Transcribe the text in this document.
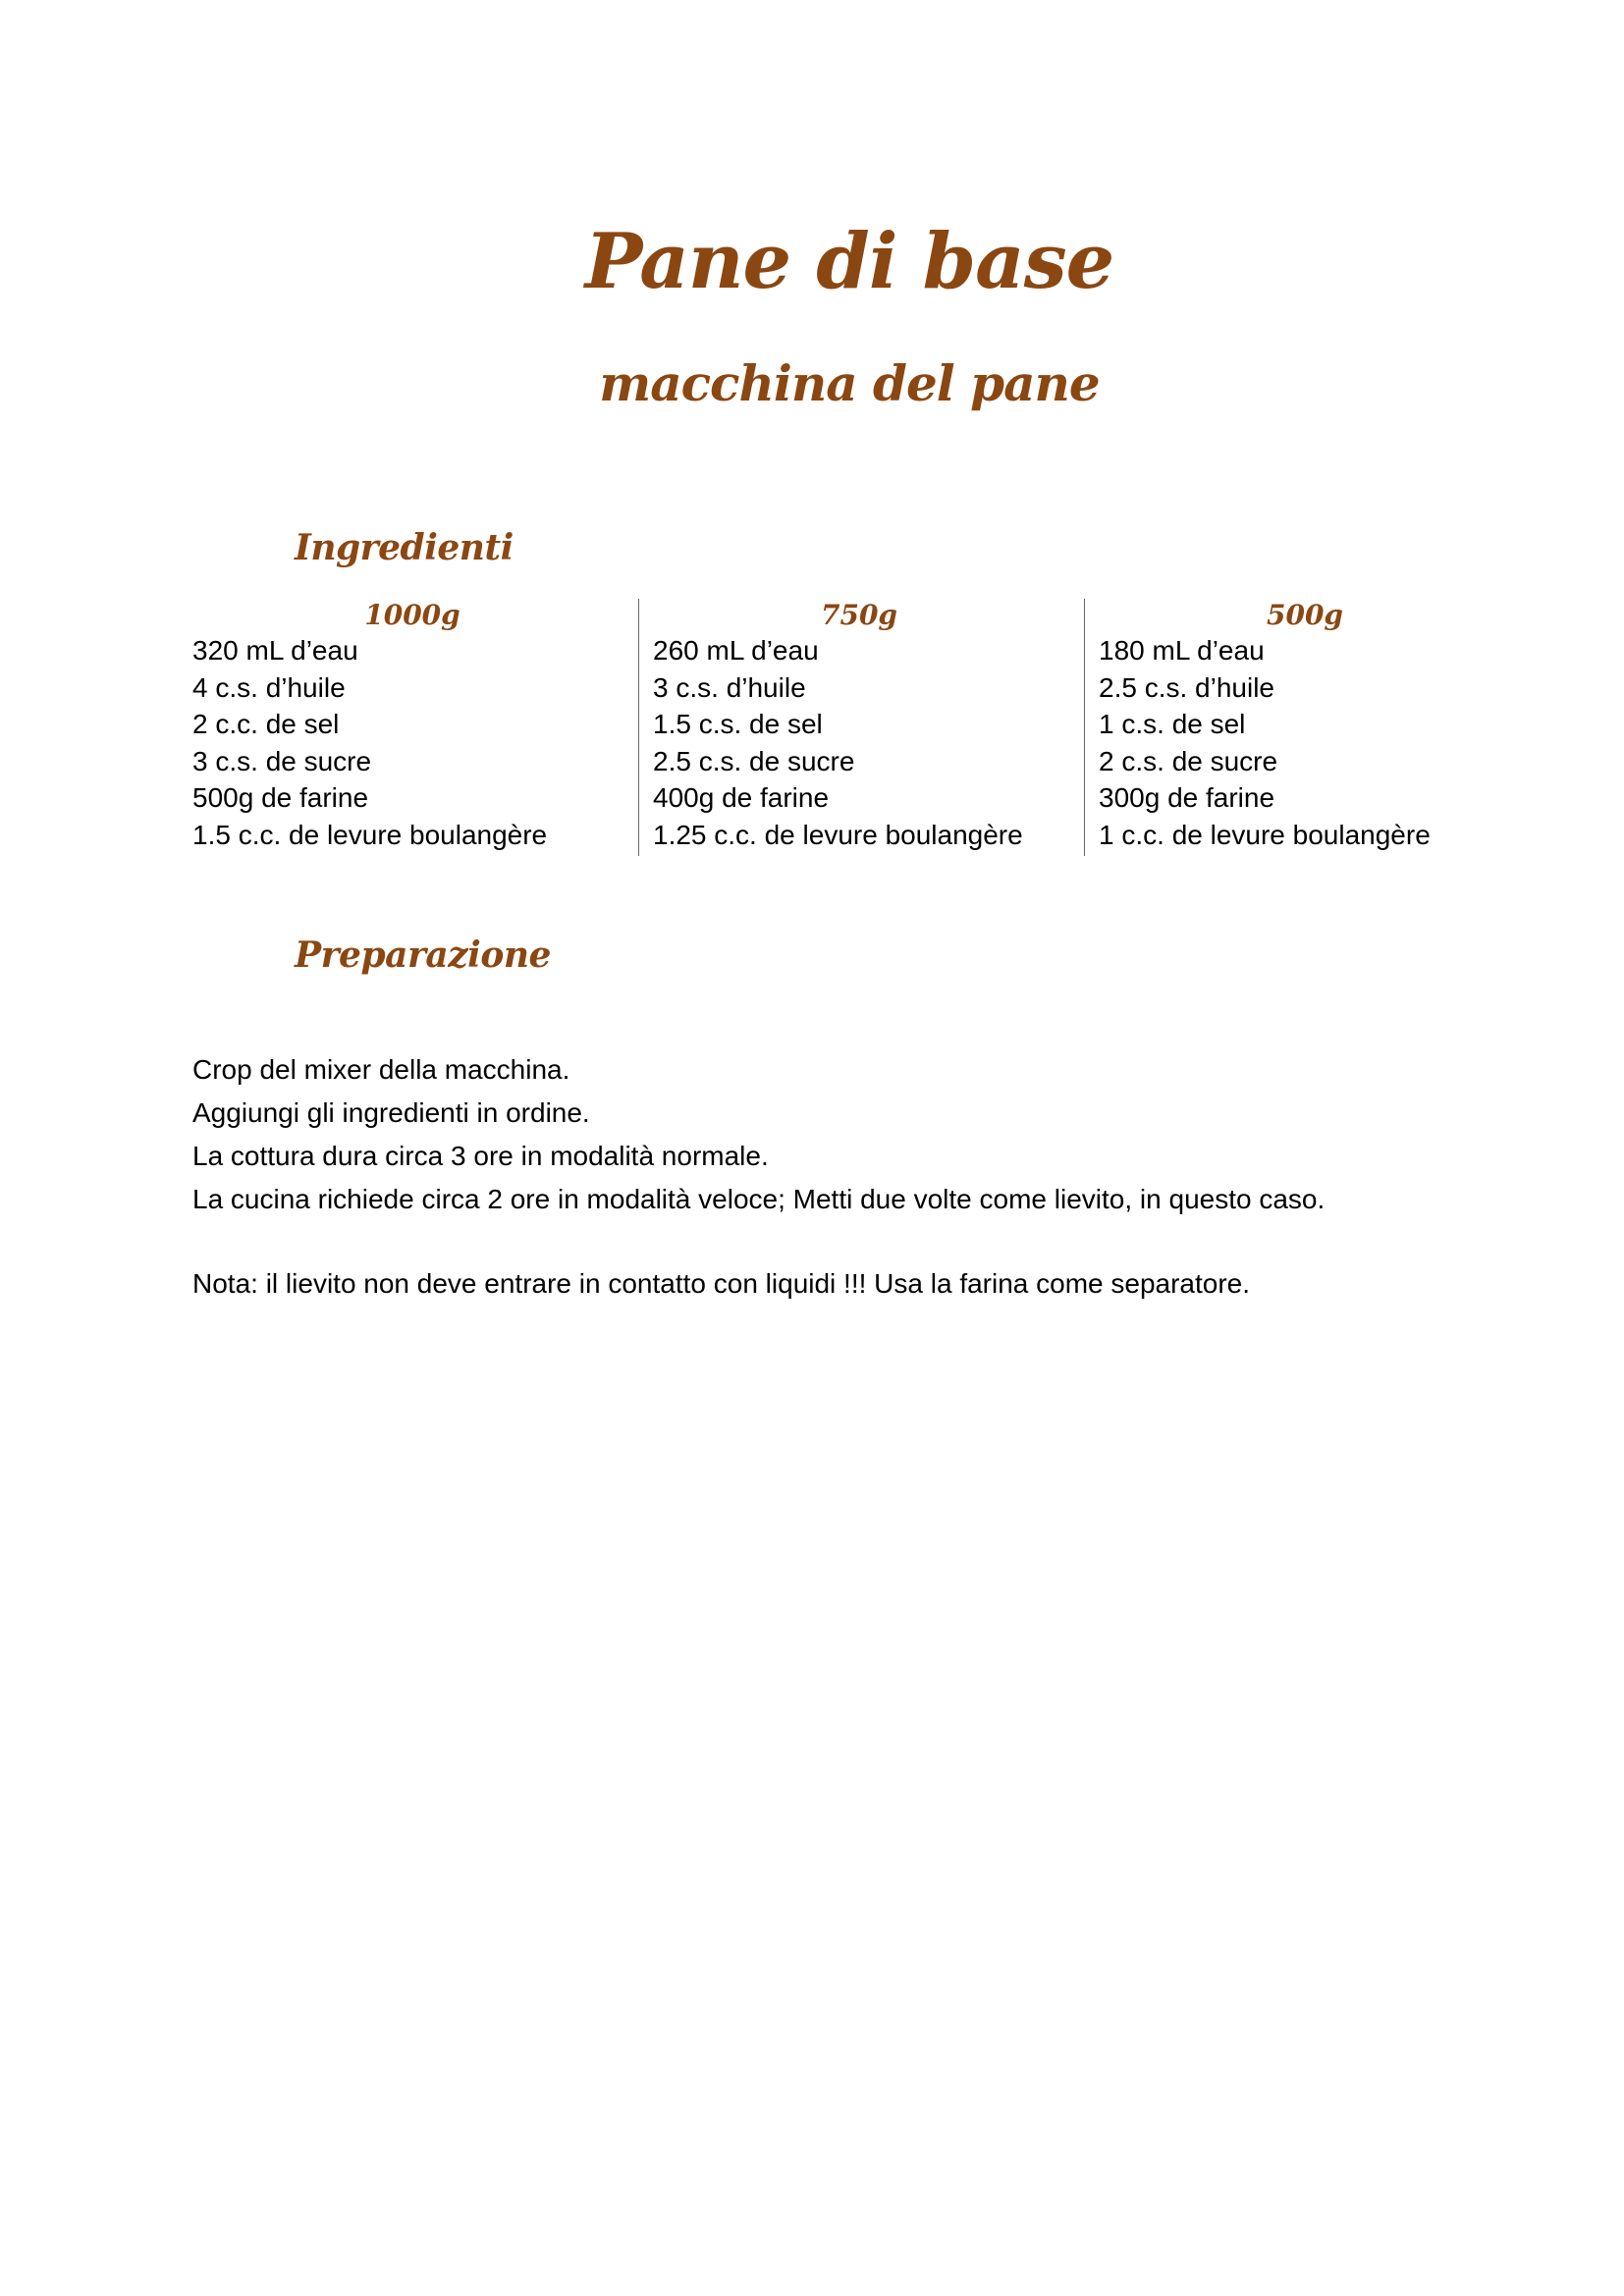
Pane di base
macchina del pane
Ingredienti
1000g
320 mL d’eau
4 c.s. d’huile
2 c.c. de sel
3 c.s. de sucre
500g de farine
1.5 c.c. de levure boulangère
750g
260 mL d’eau
3 c.s. d’huile
1.5 c.s. de sel
2.5 c.s. de sucre
400g de farine
1.25 c.c. de levure boulangère
500g
180 mL d’eau
2.5 c.s. d’huile
1 c.s. de sel
2 c.s. de sucre
300g de farine
1 c.c. de levure boulangère
Preparazione

Crop del mixer della macchina.

Aggiungi gli ingredienti in ordine.

La cottura dura circa 3 ore in modalità normale.

La cucina richiede circa 2 ore in modalità veloce; Metti due volte come lievito, in questo caso.

Nota: il lievito non deve entrare in contatto con liquidi !!! Usa la farina come separatore.
